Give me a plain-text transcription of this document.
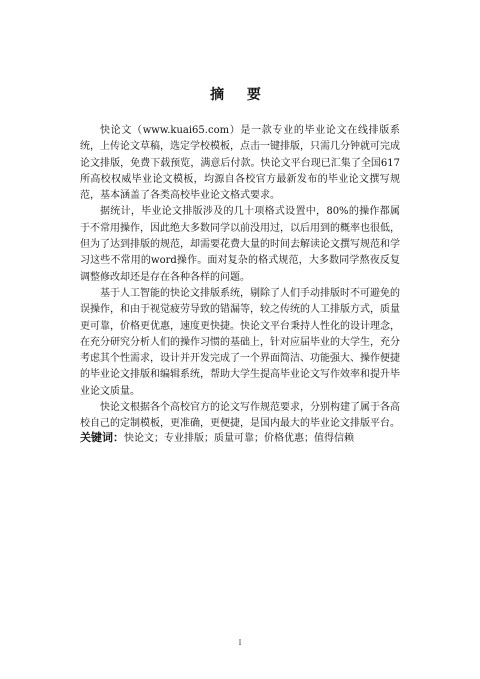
摘 要

快论文（www.kuai65.com）是一款专业的毕业论文在线排版系统，上传论文草稿，选定学校模板，点击一键排版，只需几分钟就可完成论文排版，免费下载预览，满意后付款。快论文平台现已汇集了全国617所高校权威毕业论文模板，均源自各校官方最新发布的毕业论文撰写规范，基本涵盖了各类高校毕业论文格式要求。

据统计，毕业论文排版涉及的几十项格式设置中，80%的操作都属于不常用操作，因此绝大多数同学以前没用过，以后用到的概率也很低，但为了达到排版的规范，却需要花费大量的时间去解读论文撰写规范和学习这些不常用的word操作。面对复杂的格式规范，大多数同学熬夜反复调整修改却还是存在各种各样的问题。

基于人工智能的快论文排版系统，剔除了人们手动排版时不可避免的误操作，和由于视觉疲劳导致的错漏等，较之传统的人工排版方式，质量更可靠，价格更优惠，速度更快捷。快论文平台秉持人性化的设计理念，在充分研究分析人们的操作习惯的基础上，针对应届毕业的大学生，充分考虑其个性需求，设计并开发完成了一个界面简洁、功能强大、操作便捷的毕业论文排版和编辑系统，帮助大学生提高毕业论文写作效率和提升毕业论文质量。

快论文根据各个高校官方的论文写作规范要求，分别构建了属于各高校自己的定制模板，更准确，更便捷，是国内最大的毕业论文排版平台。

关键词：快论文；专业排版；质量可靠；价格优惠；值得信赖
I
